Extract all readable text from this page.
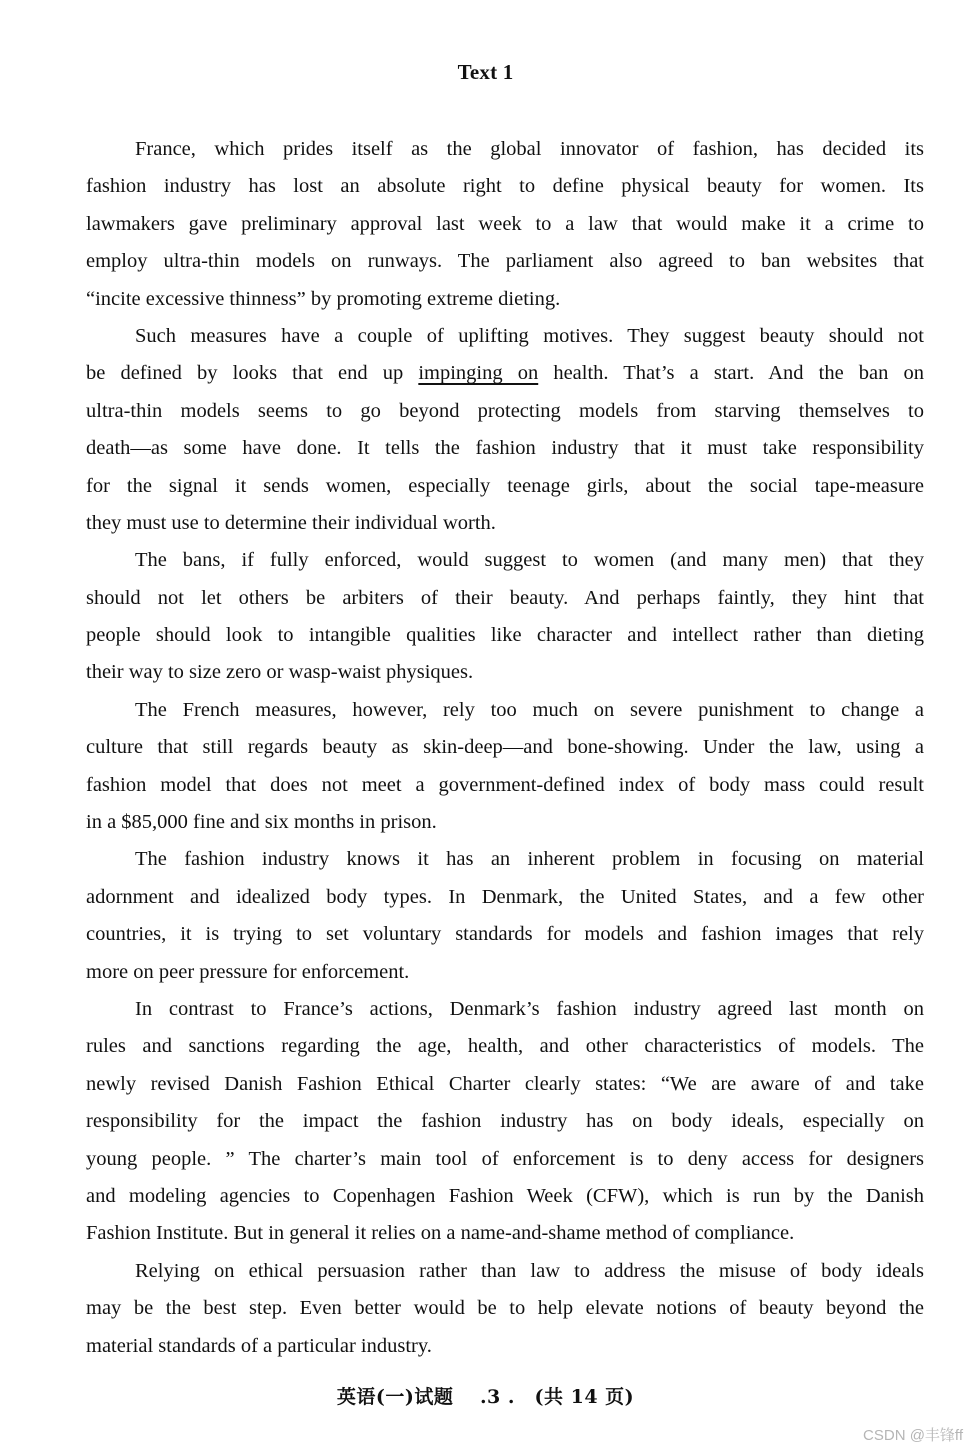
Text 1
France, which prides itself as the global innovator of fashion, has decided its
fashion industry has lost an absolute right to define physical beauty for women. Its
lawmakers gave preliminary approval last week to a law that would make it a crime to
employ ultra-thin models on runways. The parliament also agreed to ban websites that
“incite excessive thinness” by promoting extreme dieting.
Such measures have a couple of uplifting motives. They suggest beauty should not
be defined by looks that end up impinging on health. That’s a start. And the ban on
ultra-thin models seems to go beyond protecting models from starving themselves to
death—as some have done. It tells the fashion industry that it must take responsibility
for the signal it sends women, especially teenage girls, about the social tape-measure
they must use to determine their individual worth.
The bans, if fully enforced, would suggest to women (and many men) that they
should not let others be arbiters of their beauty. And perhaps faintly, they hint that
people should look to intangible qualities like character and intellect rather than dieting
their way to size zero or wasp-waist physiques.
The French measures, however, rely too much on severe punishment to change a
culture that still regards beauty as skin-deep—and bone-showing. Under the law, using a
fashion model that does not meet a government-defined index of body mass could result
in a $85,000 fine and six months in prison.
The fashion industry knows it has an inherent problem in focusing on material
adornment and idealized body types. In Denmark, the United States, and a few other
countries, it is trying to set voluntary standards for models and fashion images that rely
more on peer pressure for enforcement.
In contrast to France’s actions, Denmark’s fashion industry agreed last month on
rules and sanctions regarding the age, health, and other characteristics of models. The
newly revised Danish Fashion Ethical Charter clearly states: “We are aware of and take
responsibility for the impact the fashion industry has on body ideals, especially on
young people. ” The charter’s main tool of enforcement is to deny access for designers
and modeling agencies to Copenhagen Fashion Week (CFW), which is run by the Danish
Fashion Institute. But in general it relies on a name-and-shame method of compliance.
Relying on ethical persuasion rather than law to address the misuse of body ideals
may be the best step. Even better would be to help elevate notions of beauty beyond the
material standards of a particular industry.
英语(一)试题　 .3 .　(共 14 页)
CSDN @丰锋ff
